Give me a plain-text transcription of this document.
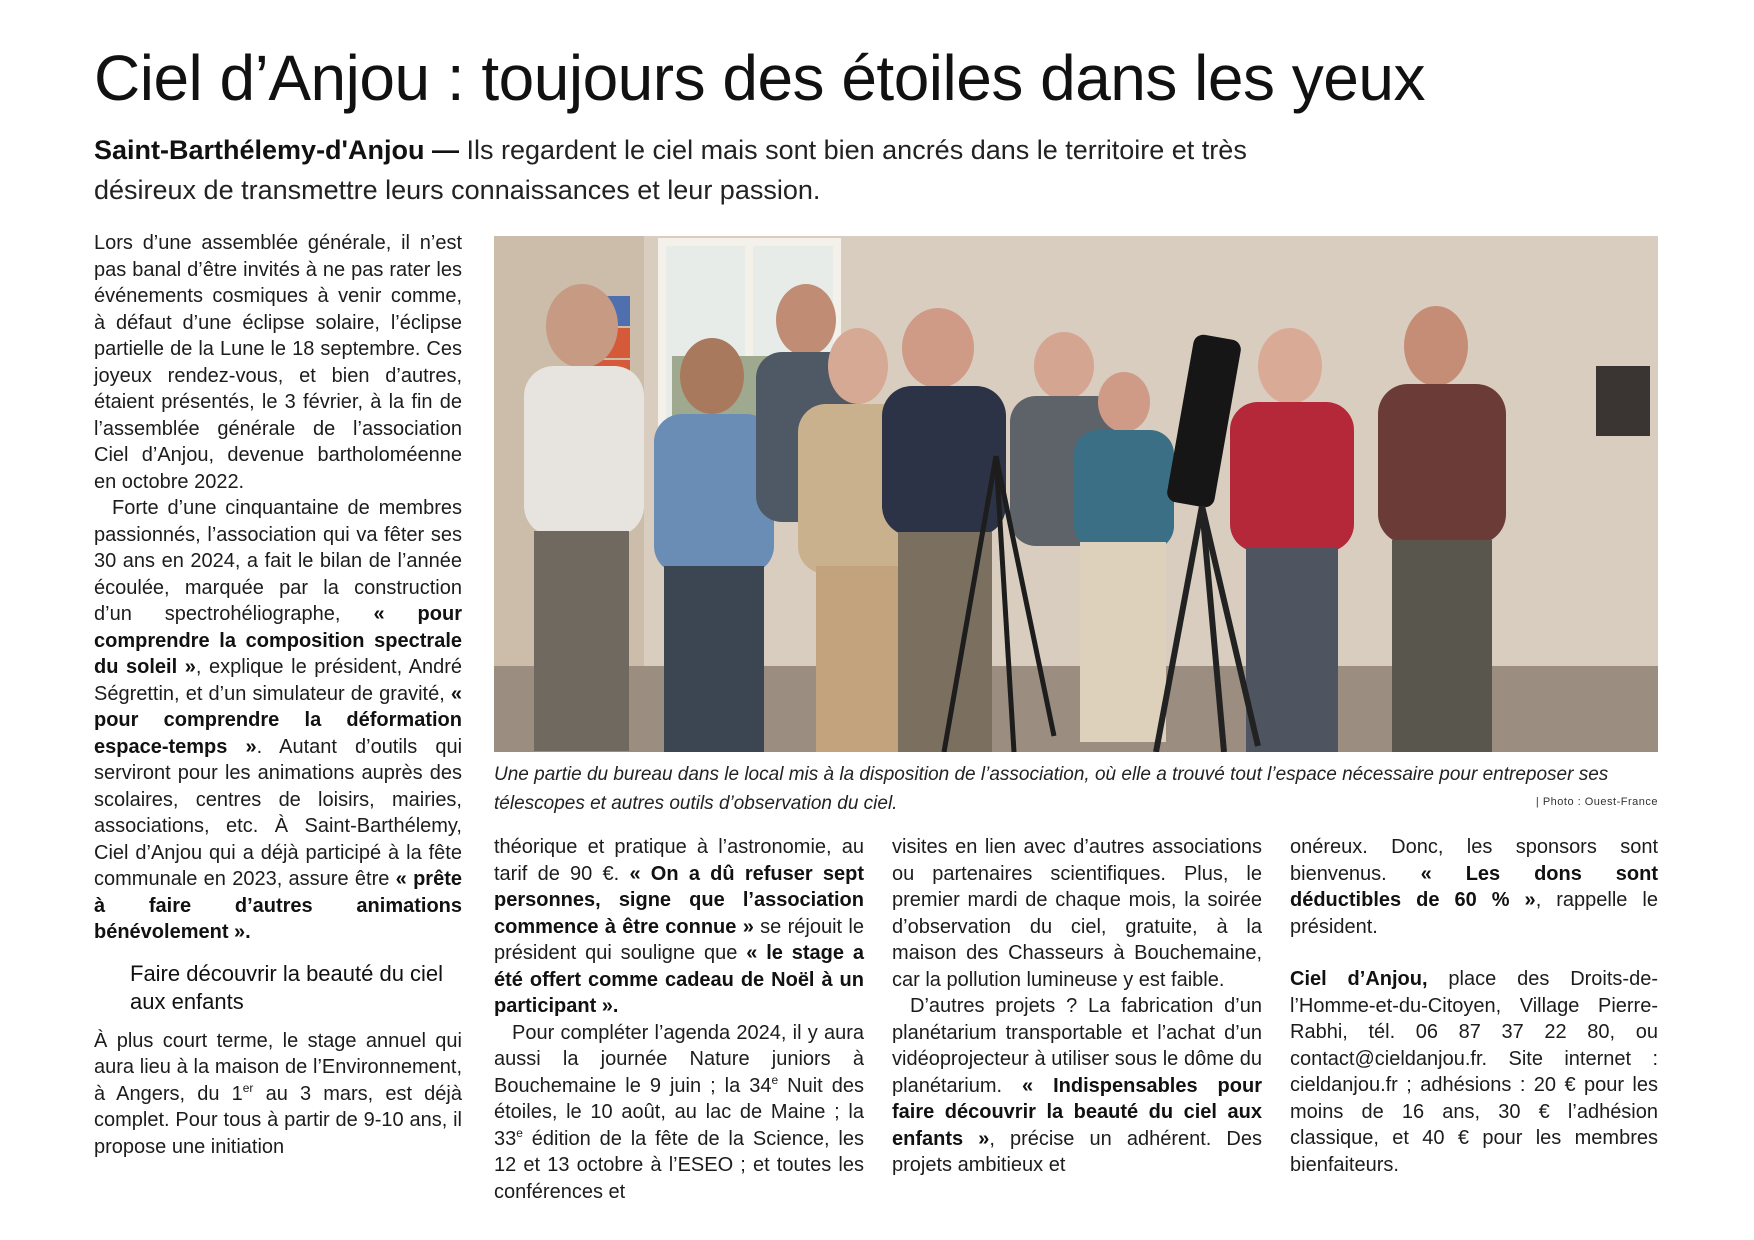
Ciel d’Anjou : toujours des étoiles dans les yeux
Saint-Barthélemy-d'Anjou — Ils regardent le ciel mais sont bien ancrés dans le territoire et très désireux de transmettre leurs connaissances et leur passion.

Lors d’une assemblée générale, il n’est pas banal d’être invités à ne pas rater les événements cosmiques à venir comme, à défaut d’une éclipse solaire, l’éclipse partielle de la Lune le 18 septembre. Ces joyeux rendez-vous, et bien d’autres, étaient présentés, le 3 février, à la fin de l’assemblée générale de l’association Ciel d’Anjou, devenue bartholoméenne en octobre 2022.

Forte d’une cinquantaine de membres passionnés, l’association qui va fêter ses 30 ans en 2024, a fait le bilan de l’année écoulée, marquée par la construction d’un spectrohéliographe, « pour comprendre la composition spectrale du soleil », explique le président, André Ségrettin, et d’un simulateur de gravité, « pour comprendre la déformation espace-temps ». Autant d’outils qui serviront pour les animations auprès des scolaires, centres de loisirs, mairies, associations, etc. À Saint-Barthélemy, Ciel d’Anjou qui a déjà participé à la fête communale en 2023, assure être « prête à faire d’autres animations bénévolement ».

Faire découvrir la beauté du ciel aux enfants

À plus court terme, le stage annuel qui aura lieu à la maison de l’Environnement, à Angers, du 1er au 3 mars, est déjà complet. Pour tous à partir de 9-10 ans, il propose une initiation

Une partie du bureau dans le local mis à la disposition de l’association, où elle a trouvé tout l’espace nécessaire pour entreposer ses télescopes et autres outils d’observation du ciel.	| Photo : Ouest-France

théorique et pratique à l’astronomie, au tarif de 90 €. « On a dû refuser sept personnes, signe que l’association commence à être connue » se réjouit le président qui souligne que « le stage a été offert comme cadeau de Noël à un participant ».

Pour compléter l’agenda 2024, il y aura aussi la journée Nature juniors à Bouchemaine le 9 juin ; la 34e Nuit des étoiles, le 10 août, au lac de Maine ; la 33e édition de la fête de la Science, les 12 et 13 octobre à l’ESEO ; et toutes les conférences et

visites en lien avec d’autres associations ou partenaires scientifiques. Plus, le premier mardi de chaque mois, la soirée d’observation du ciel, gratuite, à la maison des Chasseurs à Bouchemaine, car la pollution lumineuse y est faible.

D’autres projets ? La fabrication d’un planétarium transportable et l’achat d’un vidéoprojecteur à utiliser sous le dôme du planétarium. « Indispensables pour faire découvrir la beauté du ciel aux enfants », précise un adhérent. Des projets ambitieux et

onéreux. Donc, les sponsors sont bienvenus. « Les dons sont déductibles de 60 % », rappelle le président.

Ciel d’Anjou, place des Droits-de-l’Homme-et-du-Citoyen, Village Pierre-Rabhi, tél. 06 87 37 22 80, ou contact@cieldanjou.fr. Site internet : cieldanjou.fr ; adhésions : 20 € pour les moins de 16 ans, 30 € l’adhésion classique, et 40 € pour les membres bienfaiteurs.
